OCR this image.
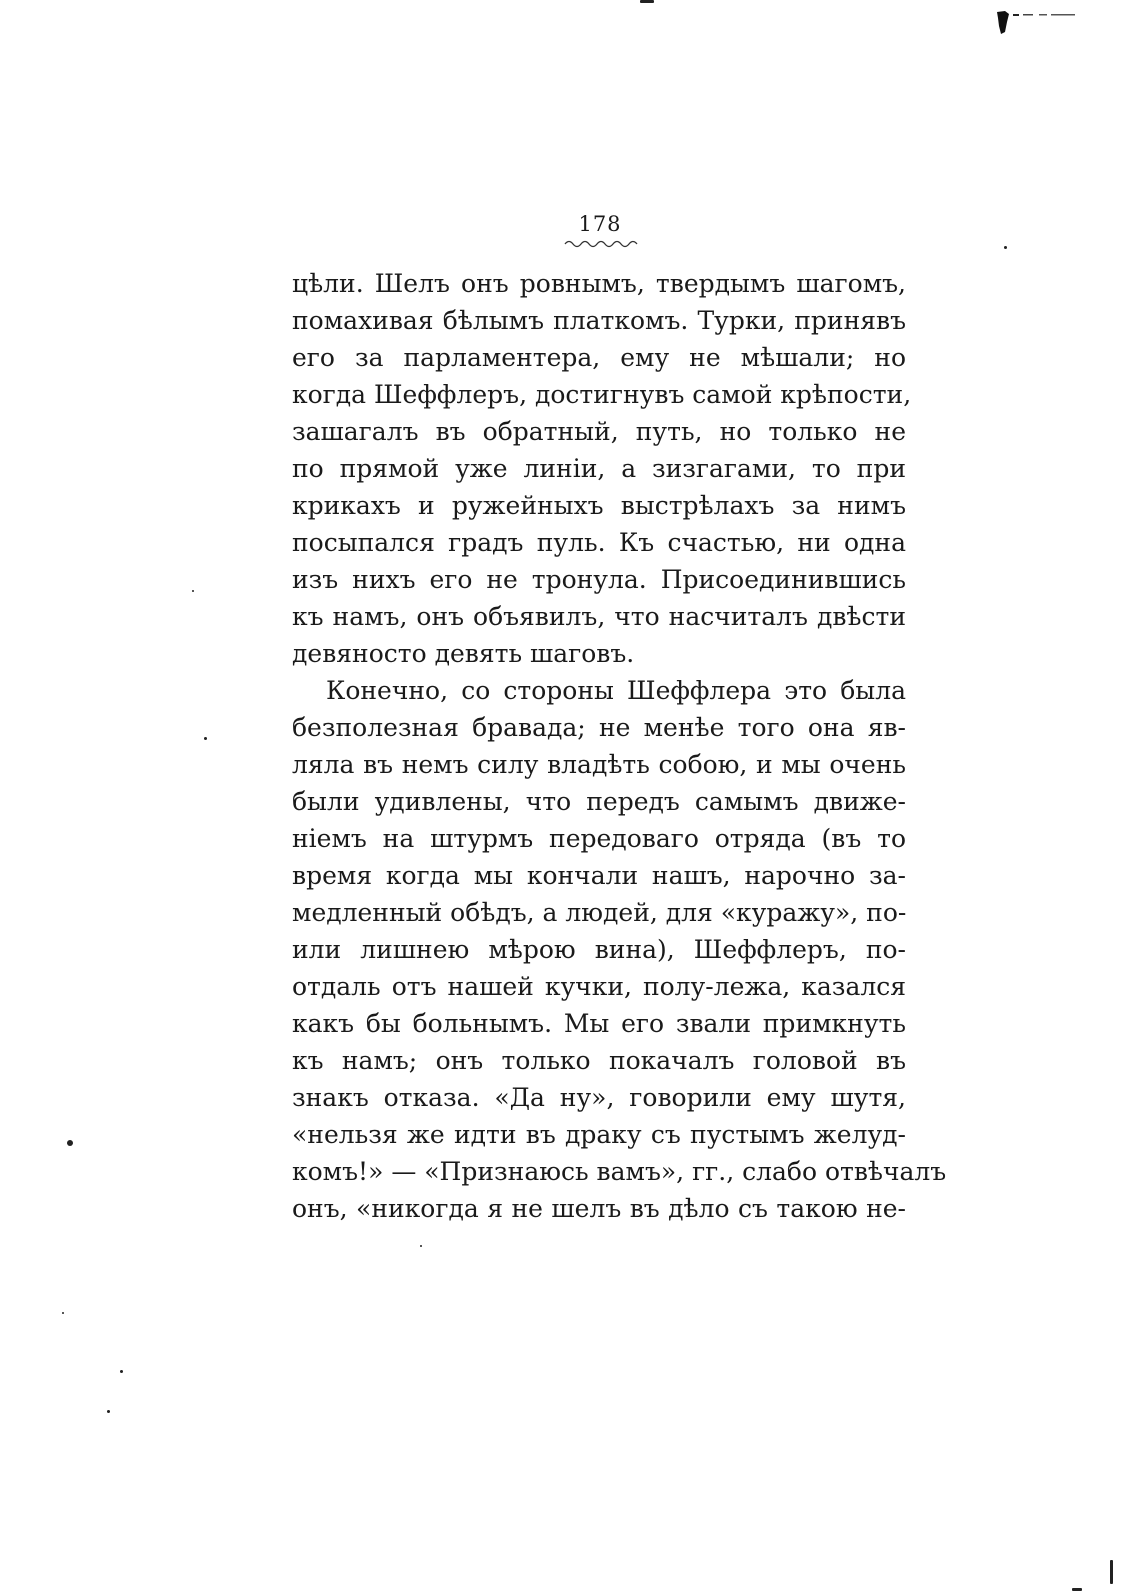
178
цѣли. Шелъ онъ ровнымъ, твердымъ шагомъ,
помахивая бѣлымъ платкомъ. Турки, принявъ
его за парламентера, ему не мѣшали; но
когда Шеффлеръ, достигнувъ самой крѣпости,
зашагалъ въ обратный, путь, но только не
по прямой уже линіи, а зизгагами, то при
крикахъ и ружейныхъ выстрѣлахъ за нимъ
посыпался градъ пуль. Къ счастью, ни одна
изъ нихъ его не тронула. Присоединившись
къ намъ, онъ объявилъ, что насчиталъ двѣсти
девяносто девять шаговъ.
Конечно, со стороны Шеффлера это была
безполезная бравада; не менѣе того она яв-
ляла въ немъ силу владѣть собою, и мы очень
были удивлены, что передъ самымъ движе-
ніемъ на штурмъ передоваго отряда (въ то
время когда мы кончали нашъ, нарочно за-
медленный обѣдъ, а людей, для «куражу», по-
или лишнею мѣрою вина), Шеффлеръ, по-
отдаль отъ нашей кучки, полу-лежа, казался
какъ бы больнымъ. Мы его звали примкнуть
къ намъ; онъ только покачалъ головой въ
знакъ отказа. «Да ну», говорили ему шутя,
«нельзя же идти въ драку съ пустымъ желуд-
комъ!» — «Признаюсь вамъ», гг., слабо отвѣчалъ
онъ, «никогда я не шелъ въ дѣло съ такою не-
